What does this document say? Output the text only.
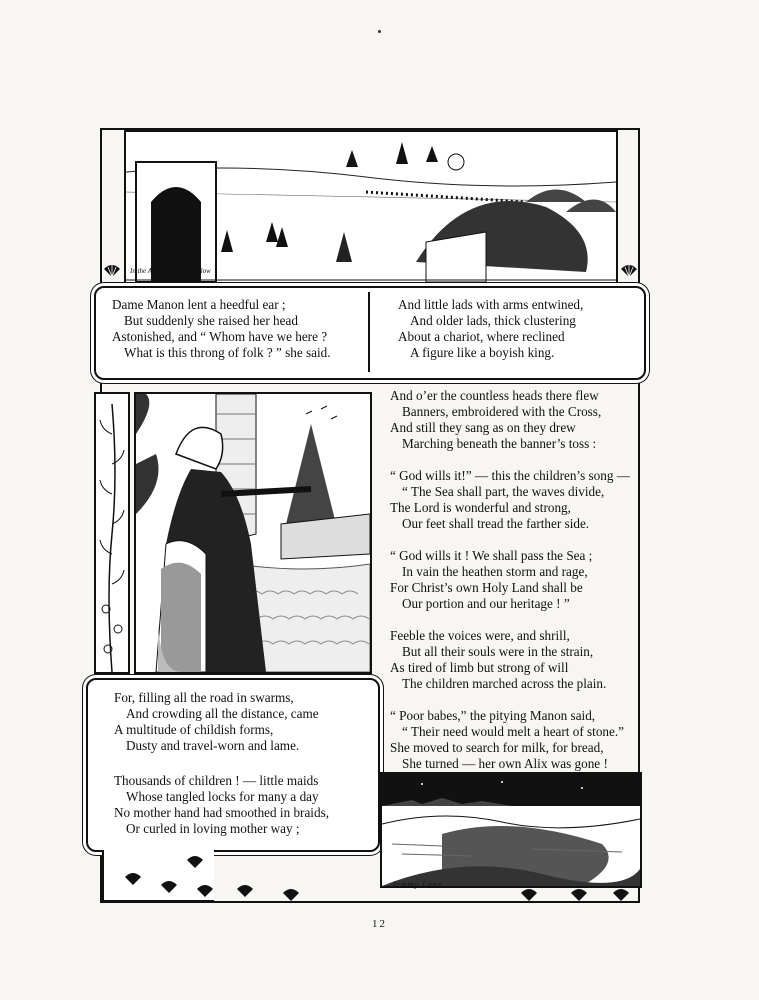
In the Anjou the sun was low
Dame Manon lent a heedful ear ;
But suddenly she raised her head
Astonished, and “ Whom have we here ?
What is this throng of folk ? ” she said.
And little lads with arms entwined,
And older lads, thick clustering
About a chariot, where reclined
A figure like a boyish king.
For, filling all the road in swarms,
And crowding all the distance, came
A multitude of childish forms,
Dusty and travel-worn and lame.
Thousands of children ! — little maids
Whose tangled locks for many a day
No mother hand had smoothed in braids,
Or curled in loving mother way ;
And o’er the countless heads there flew
Banners, embroidered with the Cross,
And still they sang as on they drew
Marching beneath the banner’s toss :
“ God wills it!” — this the children’s song —
“ The Sea shall part, the waves divide,
The Lord is wonderful and strong,
Our feet shall tread the farther side.
“ God wills it ! We shall pass the Sea ;
In vain the heathen storm and rage,
For Christ’s own Holy Land shall be
Our portion and our heritage ! ”
Feeble the voices were, and shrill,
But all their souls were in the strain,
As tired of limb but strong of will
The children marched across the plain.
“ Poor babes,” the pitying Manon said,
“ Their need would melt a heart of stone.”
She moved to search for milk, for bread,
She turned — her own Alix was gone !
Jemmy Lane
12
